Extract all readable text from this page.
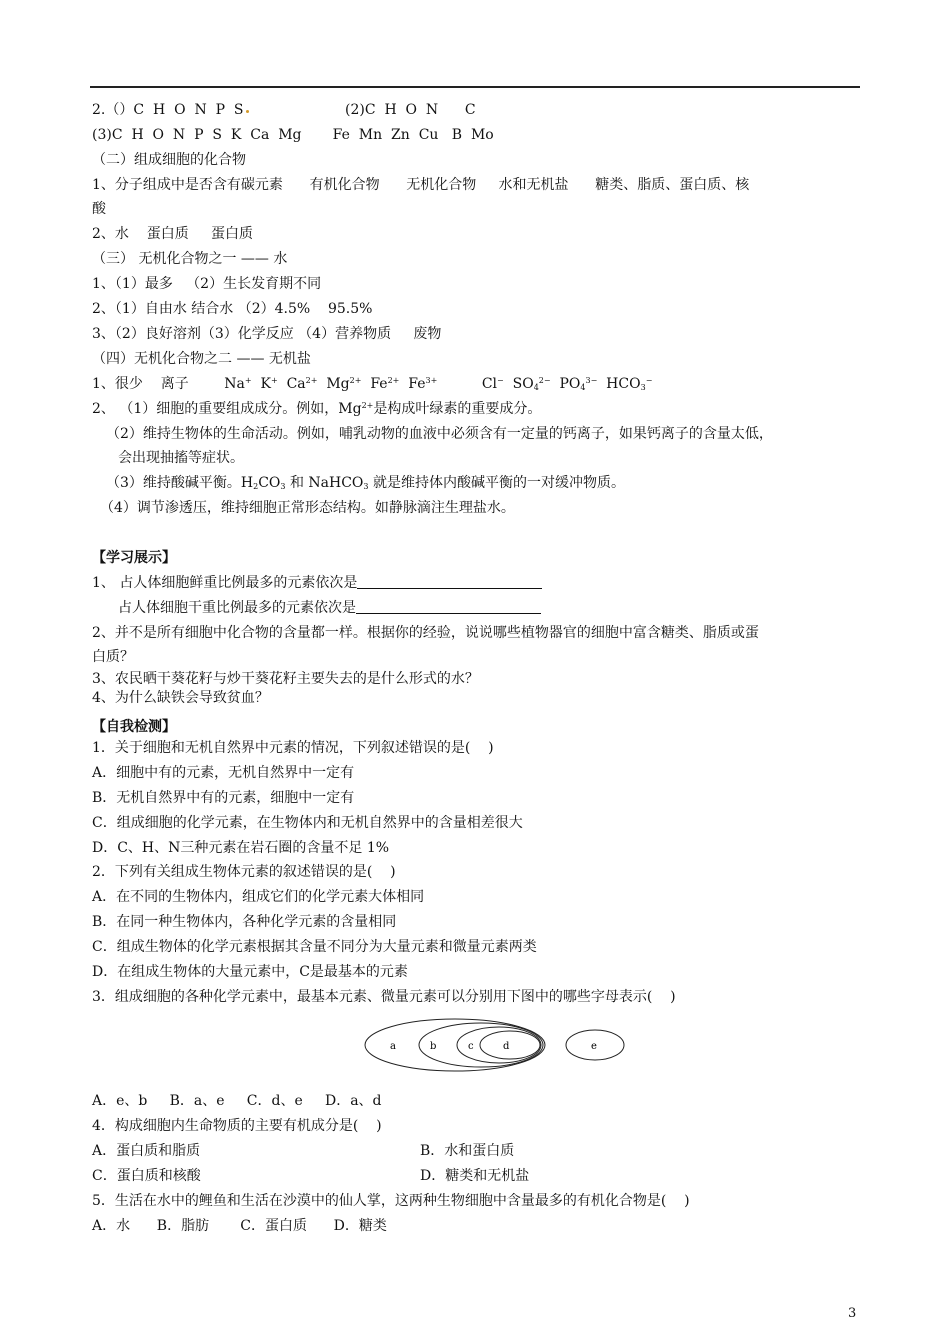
2.（）C  H  O  N  P  S	(2)C  H  O  N      C
(3)C  H  O  N  P  S  K  Ca  Mg       Fe  Mn  Zn  Cu   B  Mo
（二）组成细胞的化合物
1、分子组成中是否含有碳元素      有机化合物      无机化合物     水和无机盐      糖类、脂质、蛋白质、核
酸
2、水    蛋白质     蛋白质
（三） 无机化合物之一 —— 水
1、（1）最多   （2）生长发育期不同
2、（1）自由水 结合水 （2）4.5%    95.5%
3、（2）良好溶剂（3）化学反应 （4）营养物质     废物
（四）无机化合物之二 —— 无机盐
1、很少    离子        Na+  K+  $Ca^{2+}$  $Mg^{2+}$  $Fe^{2+}$  $Fe^{3+}$          Cl−  $SO_4^{2-}$  $PO_4^{3-}$  $HCO_3^-$
2、 （1）细胞的重要组成成分。例如，$Mg^{2+}$是构成叶绿素的重要成分。
（2）维持生物体的生命活动。例如，哺乳动物的血液中必须含有一定量的钙离子，如果钙离子的含量太低，
会出现抽搐等症状。
（3）维持酸碱平衡。$H_2CO_3$ 和 NaHCO$_3$ 就是维持体内酸碱平衡的一对缓冲物质。
（4）调节渗透压，维持细胞正常形态结构。如静脉滴注生理盐水。
【学习展示】
1、 占人体细胞鲜重比例最多的元素依次是
占人体细胞干重比例最多的元素依次是
2、并不是所有细胞中化合物的含量都一样。根据你的经验，说说哪些植物器官的细胞中富含糖类、脂质或蛋
白质？
3、农民晒干葵花籽与炒干葵花籽主要失去的是什么形式的水？
4、为什么缺铁会导致贫血？
【自我检测】
1．关于细胞和无机自然界中元素的情况，下列叙述错误的是(    )
A．细胞中有的元素，无机自然界中一定有
B．无机自然界中有的元素，细胞中一定有
C．组成细胞的化学元素，在生物体内和无机自然界中的含量相差很大
D．C、H、N三种元素在岩石圈的含量不足 1%
2．下列有关组成生物体元素的叙述错误的是(    )
A．在不同的生物体内，组成它们的化学元素大体相同
B．在同一种生物体内，各种化学元素的含量相同
C．组成生物体的化学元素根据其含量不同分为大量元素和微量元素两类
D．在组成生物体的大量元素中，C是最基本的元素
3．组成细胞的各种化学元素中，最基本元素、微量元素可以分别用下图中的哪些字母表示(    )
a	b	c	d	e
A．e、b     B．a、e     C．d、e     D．a、d
4．构成细胞内生命物质的主要有机成分是(    )
A．蛋白质和脂质	B．水和蛋白质
C．蛋白质和核酸	D．糖类和无机盐
5．生活在水中的鲤鱼和生活在沙漠中的仙人掌，这两种生物细胞中含量最多的有机化合物是(    )
A．水      B．脂肪       C．蛋白质      D．糖类
3
